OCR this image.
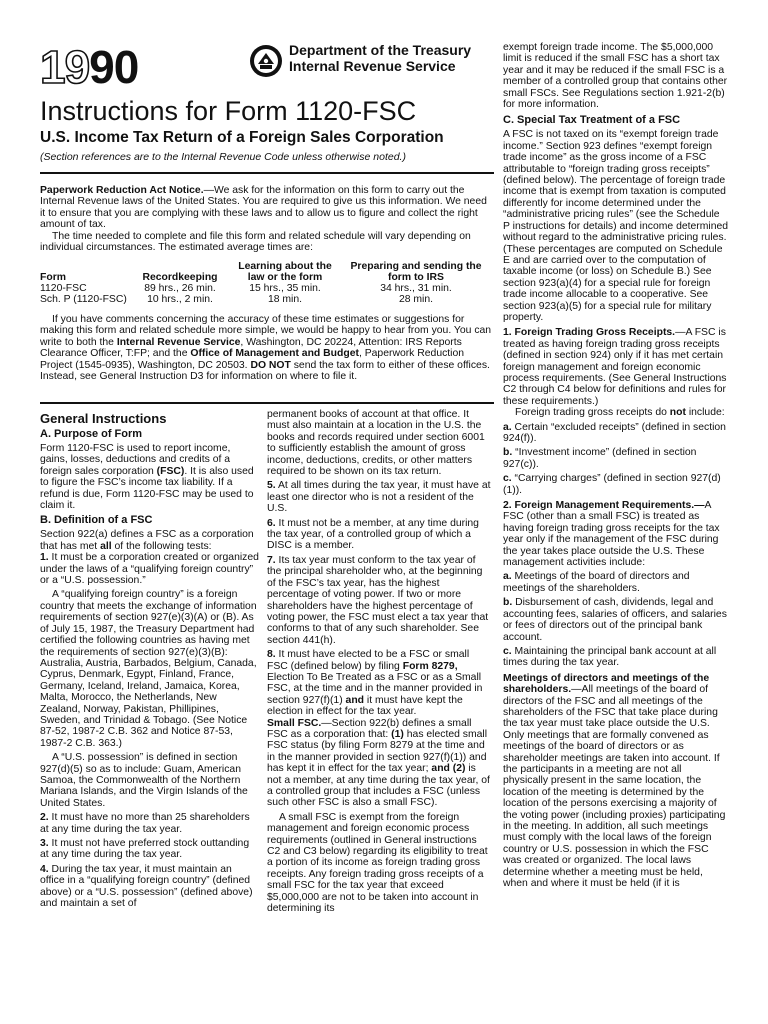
1990	Department of the Treasury
Internal Revenue Service
Instructions for Form 1120-FSC
U.S. Income Tax Return of a Foreign Sales Corporation
(Section references are to the Internal Revenue Code unless otherwise noted.)
Paperwork Reduction Act Notice.—We ask for the information on this form to carry out the Internal Revenue laws of the United States. You are required to give us this information. We need it to ensure that you are complying with these laws and to allow us to figure and collect the right amount of tax.
The time needed to complete and file this form and related schedule will vary depending on individual circumstances. The estimated average times are:
Form	Recordkeeping	Learning about the law or the form	Preparing and sending the form to IRS
1120-FSC	89 hrs., 26 min.	15 hrs., 35 min.	34 hrs., 31 min.
Sch. P (1120-FSC)	10 hrs., 2 min.	18 min.	28 min.
If you have comments concerning the accuracy of these time estimates or suggestions for making this form and related schedule more simple, we would be happy to hear from you. You can write to both the Internal Revenue Service, Washington, DC 20224, Attention: IRS Reports Clearance Officer, T:FP; and the Office of Management and Budget, Paperwork Reduction Project (1545-0935), Washington, DC 20503. DO NOT send the tax form to either of these offices. Instead, see General Instruction D3 for information on where to file it.

General Instructions

A. Purpose of Form

Form 1120-FSC is used to report income, gains, losses, deductions and credits of a foreign sales corporation (FSC). It is also used to figure the FSC’s income tax liability. If a refund is due, Form 1120-FSC may be used to claim it.

B. Definition of a FSC

Section 922(a) defines a FSC as a corporation that has met all of the following tests:

1. It must be a corporation created or organized under the laws of a “qualifying foreign country” or a “U.S. possession.”

A “qualifying foreign country” is a foreign country that meets the exchange of information requirements of section 927(e)(3)(A) or (B). As of July 15, 1987, the Treasury Department had certified the following countries as having met the requirements of section 927(e)(3)(B): Australia, Austria, Barbados, Belgium, Canada, Cyprus, Denmark, Egypt, Finland, France, Germany, Iceland, Ireland, Jamaica, Korea, Malta, Morocco, the Netherlands, New Zealand, Norway, Pakistan, Phillipines, Sweden, and Trinidad & Tobago. (See Notice 87-52, 1987-2 C.B. 362 and Notice 87-53, 1987-2 C.B. 363.)

A “U.S. possession” is defined in section 927(d)(5) so as to include: Guam, American Samoa, the Commonwealth of the Northern Mariana Islands, and the Virgin Islands of the United States.

2. It must have no more than 25 shareholders at any time during the tax year.

3. It must not have preferred stock outtanding at any time during the tax year.

4. During the tax year, it must maintain an office in a “qualifying foreign country” (defined above) or a “U.S. possession” (defined above) and maintain a set of

permanent books of account at that office. It must also maintain at a location in the U.S. the books and records required under section 6001 to sufficiently establish the amount of gross income, deductions, credits, or other matters required to be shown on its tax return.

5. At all times during the tax year, it must have at least one director who is not a resident of the U.S.

6. It must not be a member, at any time during the tax year, of a controlled group of which a DISC is a member.

7. Its tax year must conform to the tax year of the principal shareholder who, at the beginning of the FSC’s tax year, has the highest percentage of voting power. If two or more shareholders have the highest percentage of voting power, the FSC must elect a tax year that conforms to that of any such shareholder. See section 441(h).

8. It must have elected to be a FSC or small FSC (defined below) by filing Form 8279, Election To Be Treated as a FSC or as a Small FSC, at the time and in the manner provided in section 927(f)(1) and it must have kept the election in effect for the tax year.

Small FSC.—Section 922(b) defines a small FSC as a corporation that: (1) has elected small FSC status (by filing Form 8279 at the time and in the manner provided in section 927(f)(1)) and has kept it in effect for the tax year; and (2) is not a member, at any time during the tax year, of a controlled group that includes a FSC (unless such other FSC is also a small FSC).

A small FSC is exempt from the foreign management and foreign economic process requirements (outlined in General instructions C2 and C3 below) regarding its eligibility to treat a portion of its income as foreign trading gross receipts. Any foreign trading gross receipts of a small FSC for the tax year that exceed $5,000,000 are not to be taken into account in determining its

exempt foreign trade income. The $5,000,000 limit is reduced if the small FSC has a short tax year and it may be reduced if the small FSC is a member of a controlled group that contains other small FSCs. See Regulations section 1.921-2(b) for more information.

C. Special Tax Treatment of a FSC

A FSC is not taxed on its “exempt foreign trade income.” Section 923 defines “exempt foreign trade income” as the gross income of a FSC attributable to “foreign trading gross receipts” (defined below). The percentage of foreign trade income that is exempt from taxation is computed differently for income determined under the “administrative pricing rules” (see the Schedule P instructions for details) and income determined without regard to the administrative pricing rules. (These percentages are computed on Schedule E and are carried over to the computation of taxable income (or loss) on Schedule B.) See section 923(a)(4) for a special rule for foreign trade income allocable to a cooperative. See section 923(a)(5) for a special rule for military property.

1. Foreign Trading Gross Receipts.—A FSC is treated as having foreign trading gross receipts (defined in section 924) only if it has met certain foreign management and foreign economic process requirements. (See General Instructions C2 through C4 below for definitions and rules for these requirements.)

Foreign trading gross receipts do not include:

a. Certain “excluded receipts” (defined in section 924(f)).

b. “Investment income” (defined in section 927(c)).

c. “Carrying charges” (defined in section 927(d)(1)).

2. Foreign Management Requirements.—A FSC (other than a small FSC) is treated as having foreign trading gross receipts for the tax year only if the management of the FSC during the year takes place outside the U.S. These management activities include:

a. Meetings of the board of directors and meetings of the shareholders.

b. Disbursement of cash, dividends, legal and accounting fees, salaries of officers, and salaries or fees of directors out of the principal bank account.

c. Maintaining the principal bank account at all times during the tax year.

Meetings of directors and meetings of the shareholders.—All meetings of the board of directors of the FSC and all meetings of the shareholders of the FSC that take place during the tax year must take place outside the U.S. Only meetings that are formally convened as meetings of the board of directors or as shareholder meetings are taken into account. If the participants in a meeting are not all physically present in the same location, the location of the meeting is determined by the location of the persons exercising a majority of the voting power (including proxies) participating in the meeting. In addition, all such meetings must comply with the local laws of the foreign country or U.S. possession in which the FSC was created or organized. The local laws determine whether a meeting must be held, when and where it must be held (if it is
